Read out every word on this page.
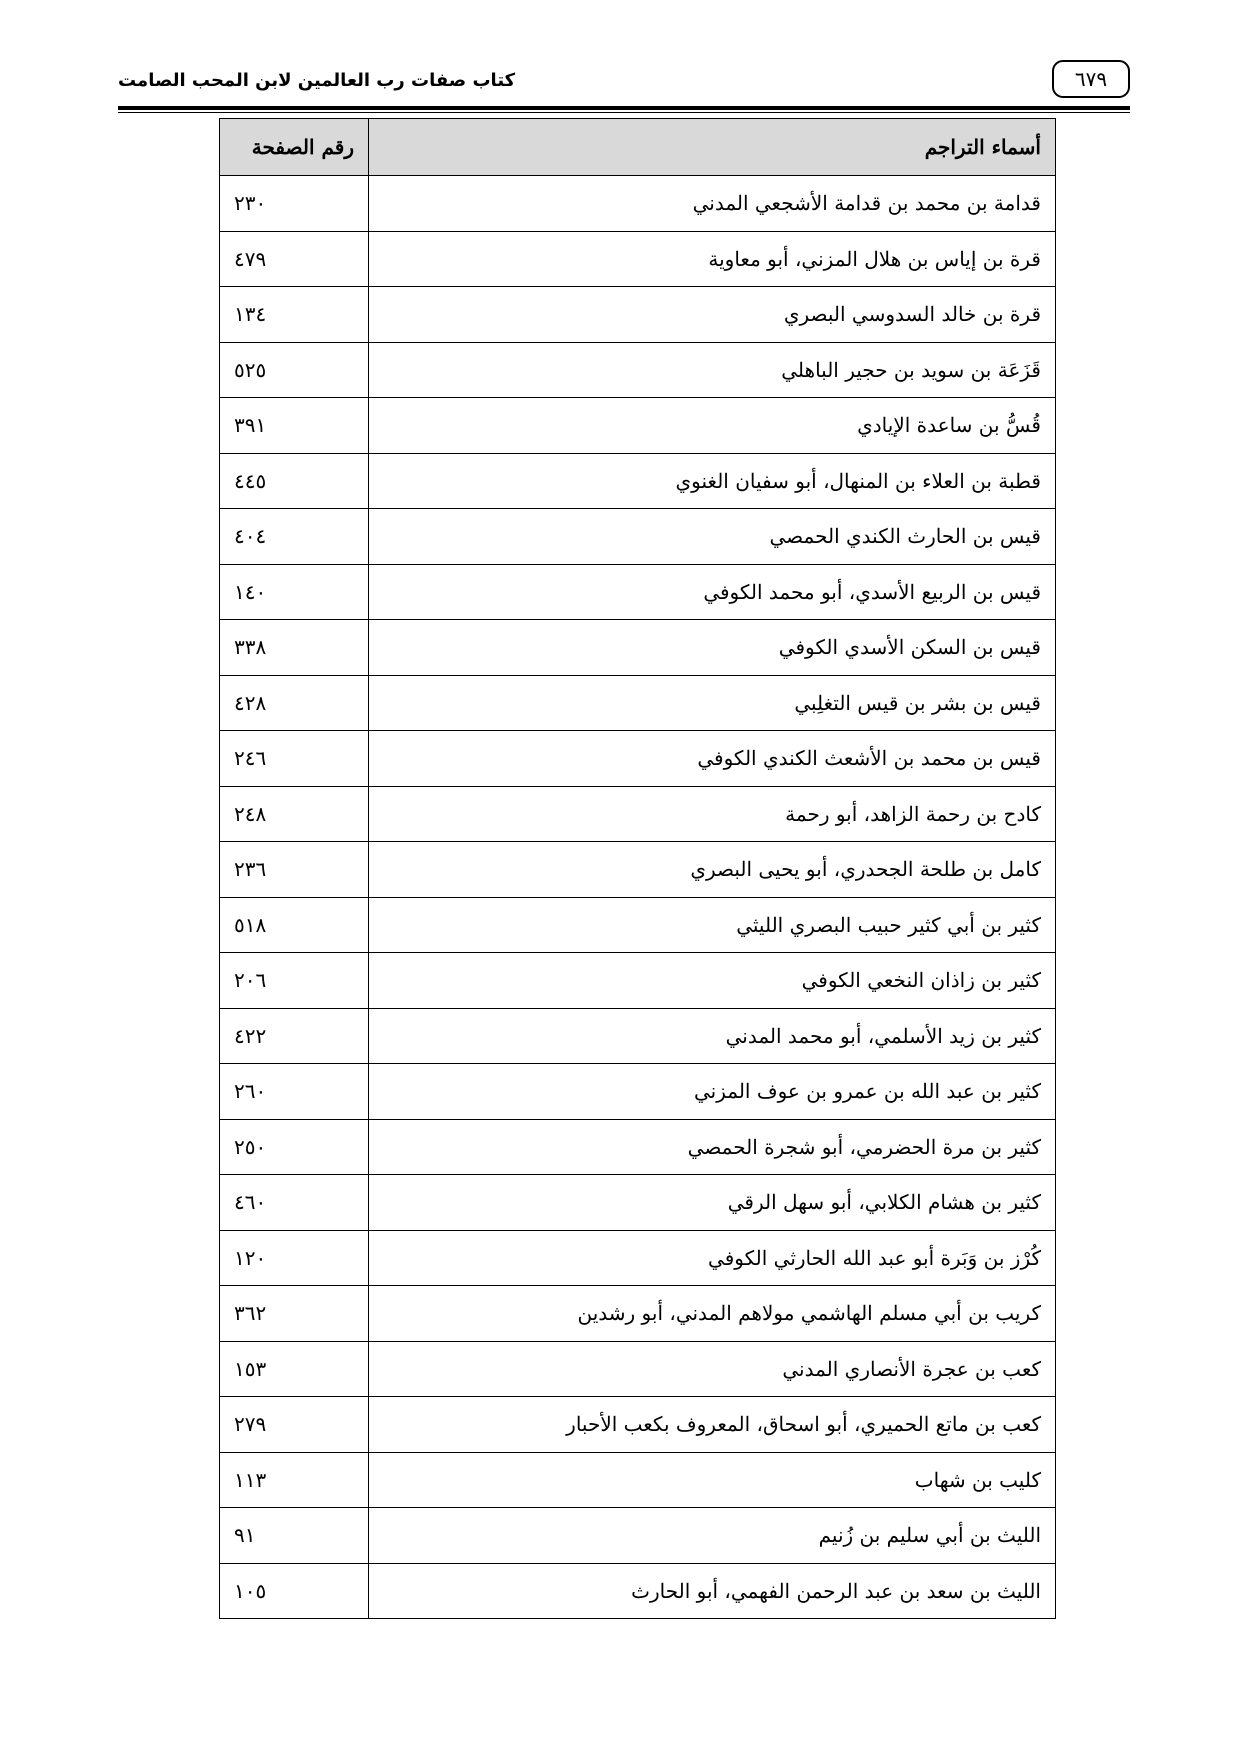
٦٧٩
كتاب صفات رب العالمين لابن المحب الصامت
أسماء التراجم	رقم الصفحة
قدامة بن محمد بن قدامة الأشجعي المدني	٢٣٠
قرة بن إياس بن هلال المزني، أبو معاوية	٤٧٩
قرة بن خالد السدوسي البصري	١٣٤
قَزَعَة بن سويد بن حجير الباهلي	٥٢٥
قُسُّ بن ساعدة الإيادي	٣٩١
قطبة بن العلاء بن المنهال، أبو سفيان الغنوي	٤٤٥
قيس بن الحارث الكندي الحمصي	٤٠٤
قيس بن الربيع الأسدي، أبو محمد الكوفي	١٤٠
قيس بن السكن الأسدي الكوفي	٣٣٨
قيس بن بشر بن قيس التغلِبي	٤٢٨
قيس بن محمد بن الأشعث الكندي الكوفي	٢٤٦
كادح بن رحمة الزاهد، أبو رحمة	٢٤٨
كامل بن طلحة الجحدري، أبو يحيى البصري	٢٣٦
كثير بن أبي كثير حبيب البصري الليثي	٥١٨
كثير بن زاذان النخعي الكوفي	٢٠٦
كثير بن زيد الأسلمي، أبو محمد المدني	٤٢٢
كثير بن عبد الله بن عمرو بن عوف المزني	٢٦٠
كثير بن مرة الحضرمي، أبو شجرة الحمصي	٢٥٠
كثير بن هشام الكلابي، أبو سهل الرقي	٤٦٠
كُرْز بن وَبَرة أبو عبد الله الحارثي الكوفي	١٢٠
كريب بن أبي مسلم الهاشمي مولاهم المدني، أبو رشدين	٣٦٢
كعب بن عجرة الأنصاري المدني	١٥٣
كعب بن ماتع الحميري، أبو اسحاق، المعروف بكعب الأحبار	٢٧٩
كليب بن شهاب	١١٣
الليث بن أبي سليم بن زُنيم	٩١
الليث بن سعد بن عبد الرحمن الفهمي، أبو الحارث	١٠٥
